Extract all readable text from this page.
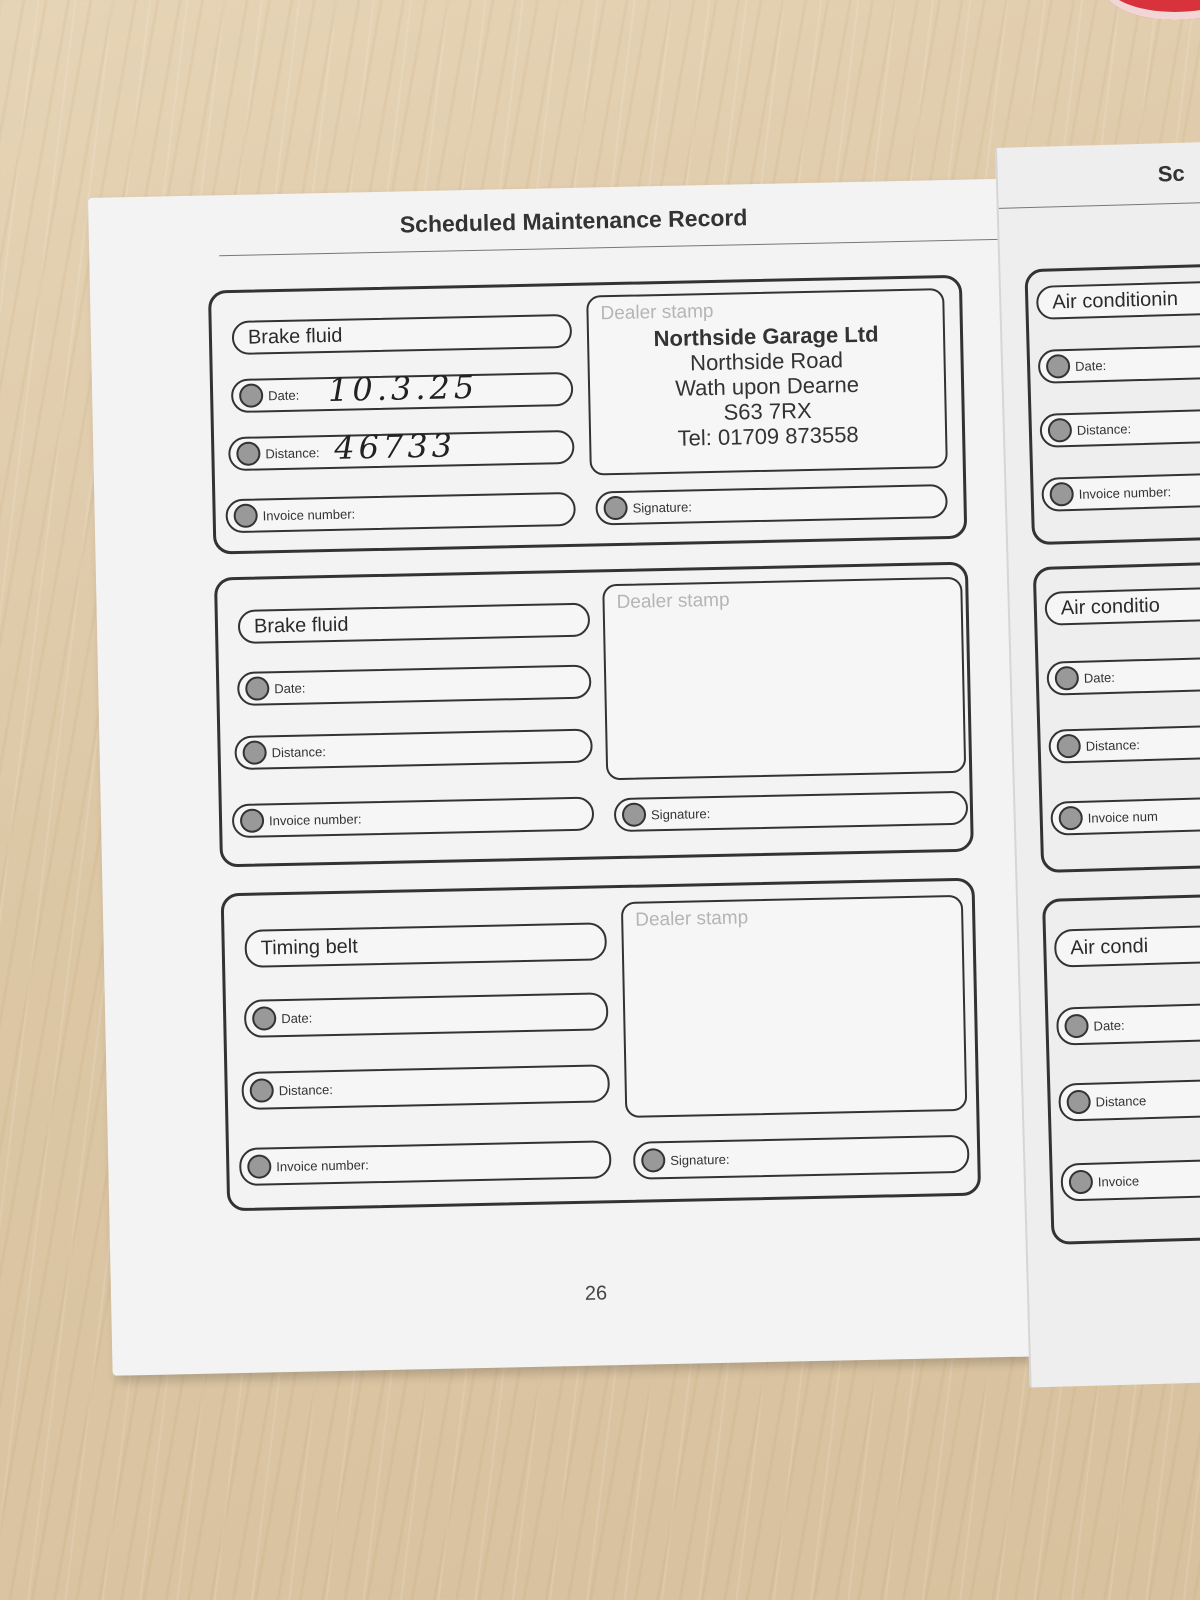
Scheduled Maintenance Record
Brake fluid
Date: 10.3.25
Distance: 46733
Invoice number:
Dealer stamp
Northside Garage Ltd
Northside Road
Wath upon Dearne
S63 7RX
Tel: 01709 873558
Signature:
Brake fluid
Date:
Distance:
Invoice number:
Dealer stamp
Signature:
Timing belt
Date:
Distance:
Invoice number:
Dealer stamp
Signature:
26
Sc
Air conditionin
Date:
Distance:
Invoice number:
Air conditio
Date:
Distance:
Invoice num
Air condi
Date:
Distance
Invoice
